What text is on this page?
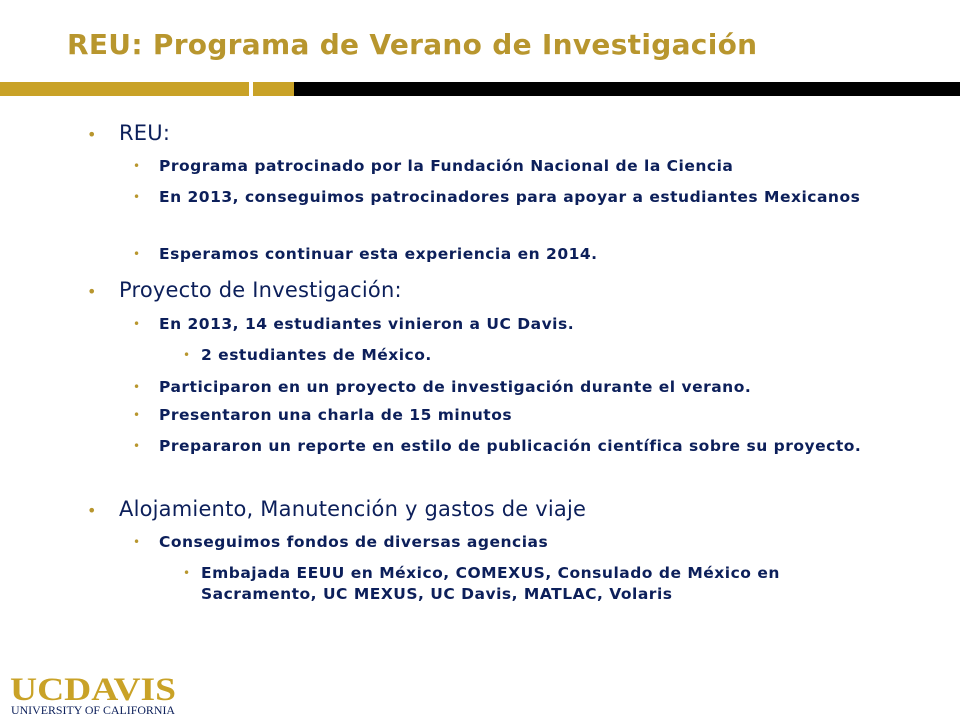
REU: Programa de Verano de Investigación
•	REU:
•	Programa patrocinado por la Fundación Nacional de la Ciencia
•	En 2013, conseguimos patrocinadores para apoyar a estudiantes Mexicanos
•	Esperamos continuar esta experiencia en 2014.
•	Proyecto de Investigación:
•	En 2013, 14 estudiantes vinieron a UC Davis.
• 2 estudiantes de México.
•	Participaron en un proyecto de investigación durante el verano.
•	Presentaron una charla de 15 minutos
•	Prepararon un reporte en estilo de publicación científica sobre su proyecto.
•	Alojamiento, Manutención y gastos de viaje
•	Conseguimos fondos de diversas agencias
• Embajada EEUU en México, COMEXUS, Consulado de México en Sacramento, UC MEXUS, UC Davis, MATLAC, Volaris
UCDAVIS
UNIVERSITY OF CALIFORNIA
